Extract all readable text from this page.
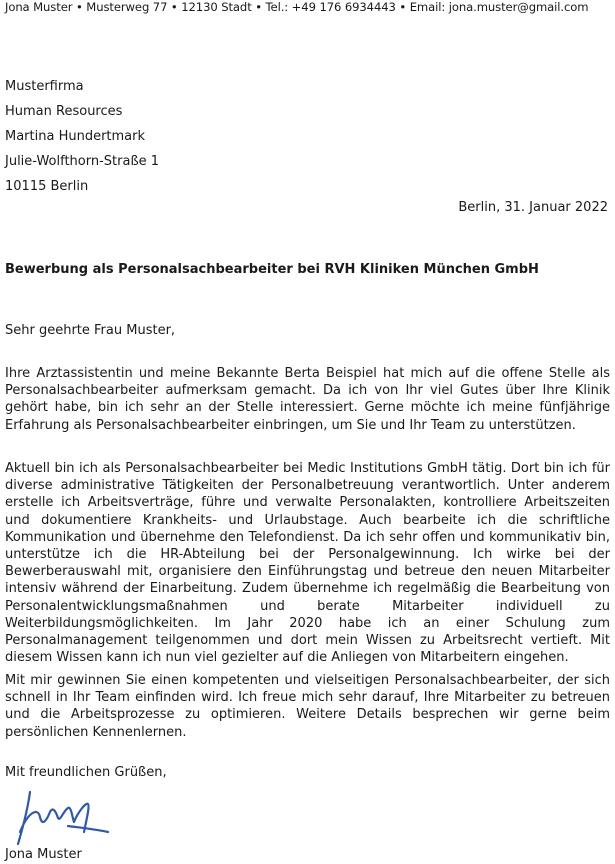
Jona Muster • Musterweg 77 • 12130 Stadt • Tel.: +49 176 6934443 • Email: jona.muster@gmail.com
Musterfirma
Human Resources
Martina Hundertmark
Julie-Wolfthorn-Straße 1
10115 Berlin
Berlin, 31. Januar 2022
Bewerbung als Personalsachbearbeiter bei RVH Kliniken München GmbH
Sehr geehrte Frau Muster,

Ihre Arztassistentin und meine Bekannte Berta Beispiel hat mich auf die offene Stelle als Personalsachbearbeiter aufmerksam gemacht. Da ich von Ihr viel Gutes über Ihre Klinik gehört habe, bin ich sehr an der Stelle interessiert. Gerne möchte ich meine fünfjährige Erfahrung als Personalsachbearbeiter einbringen, um Sie und Ihr Team zu unterstützen.

Aktuell bin ich als Personalsachbearbeiter bei Medic Institutions GmbH tätig. Dort bin ich für diverse administrative Tätigkeiten der Personalbetreuung verantwortlich. Unter anderem erstelle ich Arbeitsverträge, führe und verwalte Personalakten, kontrolliere Arbeitszeiten und dokumentiere Krankheits- und Urlaubstage. Auch bearbeite ich die schriftliche Kommunikation und übernehme den Telefondienst. Da ich sehr offen und kommunikativ bin, unterstütze ich die HR-Abteilung bei der Personalgewinnung. Ich wirke bei der Bewerberauswahl mit, organisiere den Einführungstag und betreue den neuen Mitarbeiter intensiv während der Einarbeitung. Zudem übernehme ich regelmäßig die Bearbeitung von Personalentwicklungsmaßnahmen und berate Mitarbeiter individuell zu Weiterbildungsmöglichkeiten. Im Jahr 2020 habe ich an einer Schulung zum Personalmanagement teilgenommen und dort mein Wissen zu Arbeitsrecht vertieft. Mit diesem Wissen kann ich nun viel gezielter auf die Anliegen von Mitarbeitern eingehen.

Mit mir gewinnen Sie einen kompetenten und vielseitigen Personalsachbearbeiter, der sich schnell in Ihr Team einfinden wird. Ich freue mich sehr darauf, Ihre Mitarbeiter zu betreuen und die Arbeitsprozesse zu optimieren. Weitere Details besprechen wir gerne beim persönlichen Kennenlernen.

Mit freundlichen Grüßen,
Jona Muster
